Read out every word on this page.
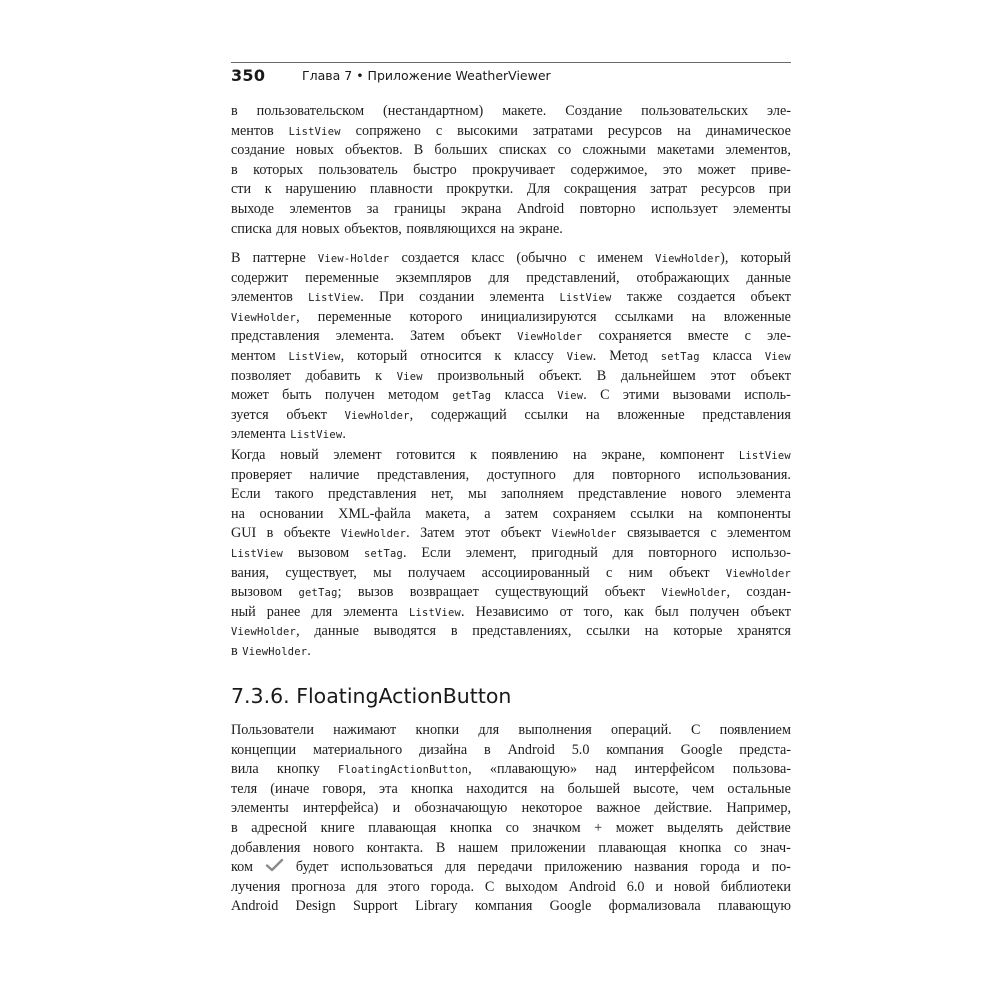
350	Глава 7 • Приложение WeatherViewer
в пользовательском (нестандартном) макете. Создание пользовательских эле-
ментов ListView сопряжено с высокими затратами ресурсов на динамическое
создание новых объектов. В больших списках со сложными макетами элементов,
в которых пользователь быстро прокручивает содержимое, это может приве-
сти к нарушению плавности прокрутки. Для сокращения затрат ресурсов при
выходе элементов за границы экрана Android повторно использует элементы
списка для новых объектов, появляющихся на экране.
В паттерне View-Holder создается класс (обычно с именем ViewHolder), который
содержит переменные экземпляров для представлений, отображающих данные
элементов ListView. При создании элемента ListView также создается объект
ViewHolder, переменные которого инициализируются ссылками на вложенные
представления элемента. Затем объект ViewHolder сохраняется вместе с эле-
ментом ListView, который относится к классу View. Метод setTag класса View
позволяет добавить к View произвольный объект. В дальнейшем этот объект
может быть получен методом getTag класса View. С этими вызовами исполь-
зуется объект ViewHolder, содержащий ссылки на вложенные представления
элемента ListView.
Когда новый элемент готовится к появлению на экране, компонент ListView
проверяет наличие представления, доступного для повторного использования.
Если такого представления нет, мы заполняем представление нового элемента
на основании XML-файла макета, а затем сохраняем ссылки на компоненты
GUI в объекте ViewHolder. Затем этот объект ViewHolder связывается с элементом
ListView вызовом setTag. Если элемент, пригодный для повторного использо-
вания, существует, мы получаем ассоциированный с ним объект ViewHolder
вызовом getTag; вызов возвращает существующий объект ViewHolder, создан-
ный ранее для элемента ListView. Независимо от того, как был получен объект
ViewHolder, данные выводятся в представлениях, ссылки на которые хранятся
в ViewHolder.
7.3.6. FloatingActionButton
Пользователи нажимают кнопки для выполнения операций. С появлением
концепции материального дизайна в Android 5.0 компания Google предста-
вила кнопку FloatingActionButton, «плавающую» над интерфейсом пользова-
теля (иначе говоря, эта кнопка находится на большей высоте, чем остальные
элементы интерфейса) и обозначающую некоторое важное действие. Например,
в адресной книге плавающая кнопка со значком + может выделять действие
добавления нового контакта. В нашем приложении плавающая кнопка со знач-
ком	будет использоваться для передачи приложению названия города и по-
лучения прогноза для этого города. С выходом Android 6.0 и новой библиотеки
Android Design Support Library компания Google формализовала плавающую
